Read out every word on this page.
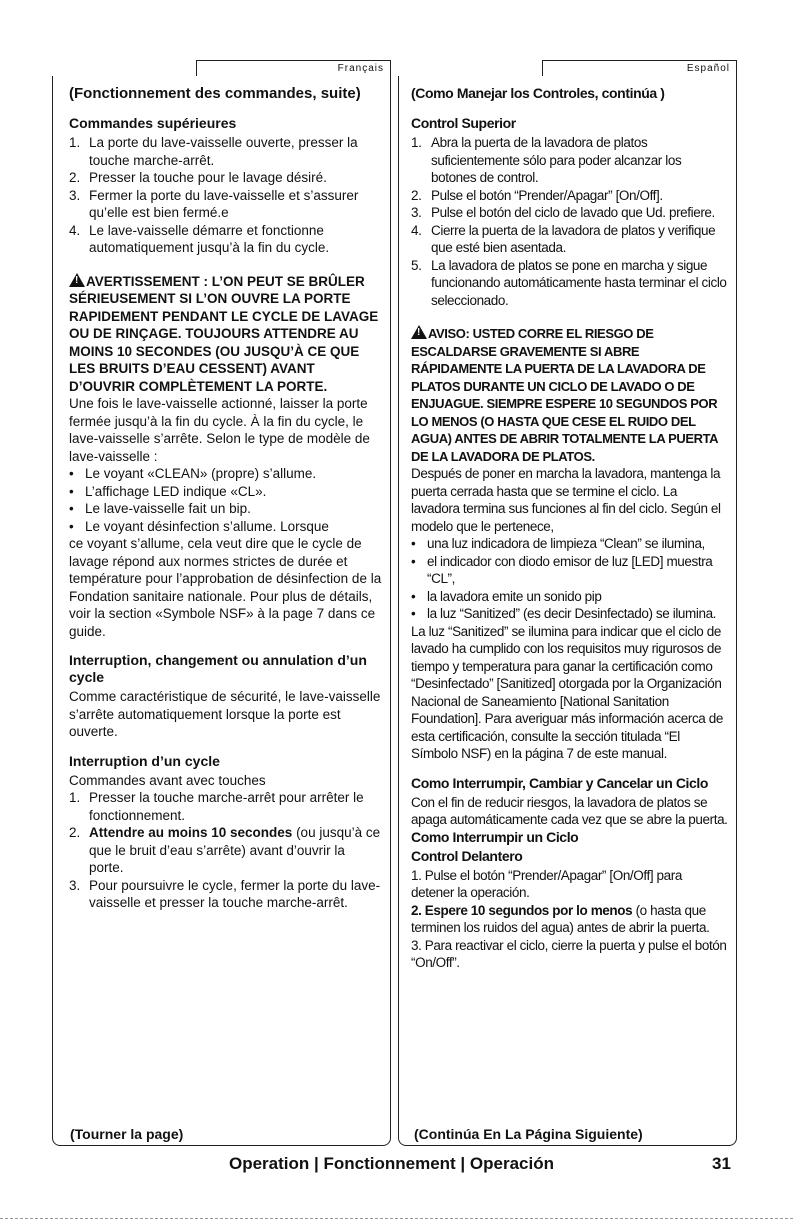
Français
(Fonctionnement des commandes, suite)
Commandes supérieures
1. La porte du lave-vaisselle ouverte, presser la touche marche-arrêt.
2. Presser la touche pour le lavage désiré.
3. Fermer la porte du lave-vaisselle et s’assurer qu’elle est bien fermé.e
4. Le lave-vaisselle démarre et fonctionne automatiquement jusqu’à la fin du cycle.

!AVERTISSEMENT : L’ON PEUT SE BRÛLER SÉRIEUSEMENT SI L’ON OUVRE LA PORTE RAPIDEMENT PENDANT LE CYCLE DE LAVAGE OU DE RINÇAGE. TOUJOURS ATTENDRE AU MOINS 10 SECONDES (OU JUSQU’À CE QUE LES BRUITS D’EAU CESSENT) AVANT D’OUVRIR COMPLÈTEMENT LA PORTE.

Une fois le lave-vaisselle actionné, laisser la porte fermée jusqu’à la fin du cycle. À la fin du cycle, le lave-vaisselle s’arrête. Selon le type de modèle de lave-vaisselle :

• Le voyant «CLEAN» (propre) s’allume.
• L’affichage LED indique «CL».
• Le lave-vaisselle fait un bip.
• Le voyant désinfection s’allume. Lorsque

ce voyant s’allume, cela veut dire que le cycle de lavage répond aux normes strictes de durée et température pour l’approbation de désinfection de la Fondation sanitaire nationale. Pour plus de détails, voir la section «Symbole NSF» à la page 7 dans ce guide.

Interruption, changement ou annulation d’un cycle

Comme caractéristique de sécurité, le lave-vaisselle s’arrête automatiquement lorsque la porte est ouverte.

Interruption d’un cycle

Commandes avant avec touches

1. Presser la touche marche-arrêt pour arrêter le fonctionnement.
2. Attendre au moins 10 secondes (ou jusqu’à ce que le bruit d’eau s’arrête) avant d’ouvrir la porte.
3. Pour poursuivre le cycle, fermer la porte du lave-vaisselle et presser la touche marche-arrêt.
(Tourner la page)
Español
(Como Manejar los Controles, continúa )
Control Superior
1. Abra la puerta de la lavadora de platos suficientemente sólo para poder alcanzar los botones de control.
2. Pulse el botón “Prender/Apagar” [On/Off].
3. Pulse el botón del ciclo de lavado que Ud. prefiere.
4. Cierre la puerta de la lavadora de platos y verifique que esté bien asentada.
5. La lavadora de platos se pone en marcha y sigue funcionando automáticamente hasta terminar el ciclo seleccionado.

!AVISO: USTED CORRE EL RIESGO DE ESCALDARSE GRAVEMENTE SI ABRE RÁPIDAMENTE LA PUERTA DE LA LAVADORA DE PLATOS DURANTE UN CICLO DE LAVADO O DE ENJUAGUE. SIEMPRE ESPERE 10 SEGUNDOS POR LO MENOS (O HASTA QUE CESE EL RUIDO DEL AGUA) ANTES DE ABRIR TOTALMENTE LA PUERTA DE LA LAVADORA DE PLATOS.

Después de poner en marcha la lavadora, mantenga la puerta cerrada hasta que se termine el ciclo. La lavadora termina sus funciones al fin del ciclo. Según el modelo que le pertenece,

• una luz indicadora de limpieza “Clean” se ilumina,
• el indicador con diodo emisor de luz [LED] muestra “CL”,
• la lavadora emite un sonido pip
• la luz “Sanitized” (es decir Desinfectado) se ilumina.

La luz “Sanitized” se ilumina para indicar que el ciclo de lavado ha cumplido con los requisitos muy rigurosos de tiempo y temperatura para ganar la certificación como “Desinfectado” [Sanitized] otorgada por la Organización Nacional de Saneamiento [National Sanitation Foundation]. Para averiguar más información acerca de esta certificación, consulte la sección titulada “El Símbolo NSF) en la página 7 de este manual.

Como Interrumpir, Cambiar y Cancelar un Ciclo

Con el fin de reducir riesgos, la lavadora de platos se apaga automáticamente cada vez que se abre la puerta.

Como Interrumpir un Ciclo
Control Delantero

1. Pulse el botón “Prender/Apagar” [On/Off] para detener la operación.

2. Espere 10 segundos por lo menos (o hasta que terminen los ruidos del agua) antes de abrir la puerta.

3. Para reactivar el ciclo, cierre la puerta y pulse el botón “On/Off”.

(Continúa En La Página Siguiente)
Operation | Fonctionnement | Operación	31
